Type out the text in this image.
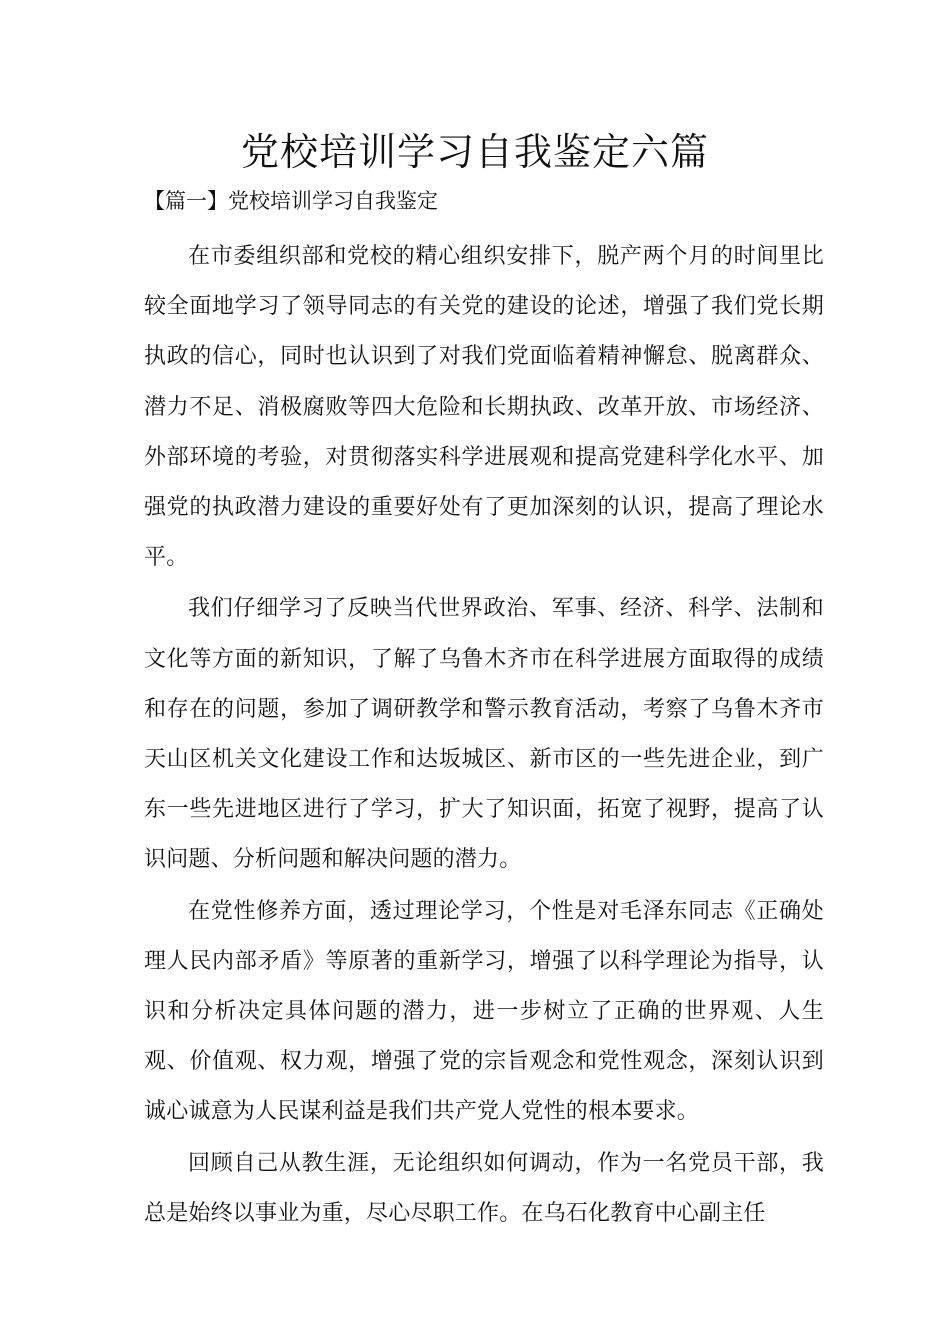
党校培训学习自我鉴定六篇
【篇一】党校培训学习自我鉴定

在市委组织部和党校的精心组织安排下，脱产两个月的时间里比较全面地学习了领导同志的有关党的建设的论述，增强了我们党长期执政的信心，同时也认识到了对我们党面临着精神懈怠、脱离群众、潜力不足、消极腐败等四大危险和长期执政、改革开放、市场经济、外部环境的考验，对贯彻落实科学进展观和提高党建科学化水平、加强党的执政潜力建设的重要好处有了更加深刻的认识，提高了理论水平。

我们仔细学习了反映当代世界政治、军事、经济、科学、法制和文化等方面的新知识，了解了乌鲁木齐市在科学进展方面取得的成绩和存在的问题，参加了调研教学和警示教育活动，考察了乌鲁木齐市天山区机关文化建设工作和达坂城区、新市区的一些先进企业，到广东一些先进地区进行了学习，扩大了知识面，拓宽了视野，提高了认识问题、分析问题和解决问题的潜力。

在党性修养方面，透过理论学习，个性是对毛泽东同志《正确处理人民内部矛盾》等原著的重新学习，增强了以科学理论为指导，认识和分析决定具体问题的潜力，进一步树立了正确的世界观、人生观、价值观、权力观，增强了党的宗旨观念和党性观念，深刻认识到诚心诚意为人民谋利益是我们共产党人党性的根本要求。

回顾自己从教生涯，无论组织如何调动，作为一名党员干部，我总是始终以事业为重，尽心尽职工作。在乌石化教育中心副主任
